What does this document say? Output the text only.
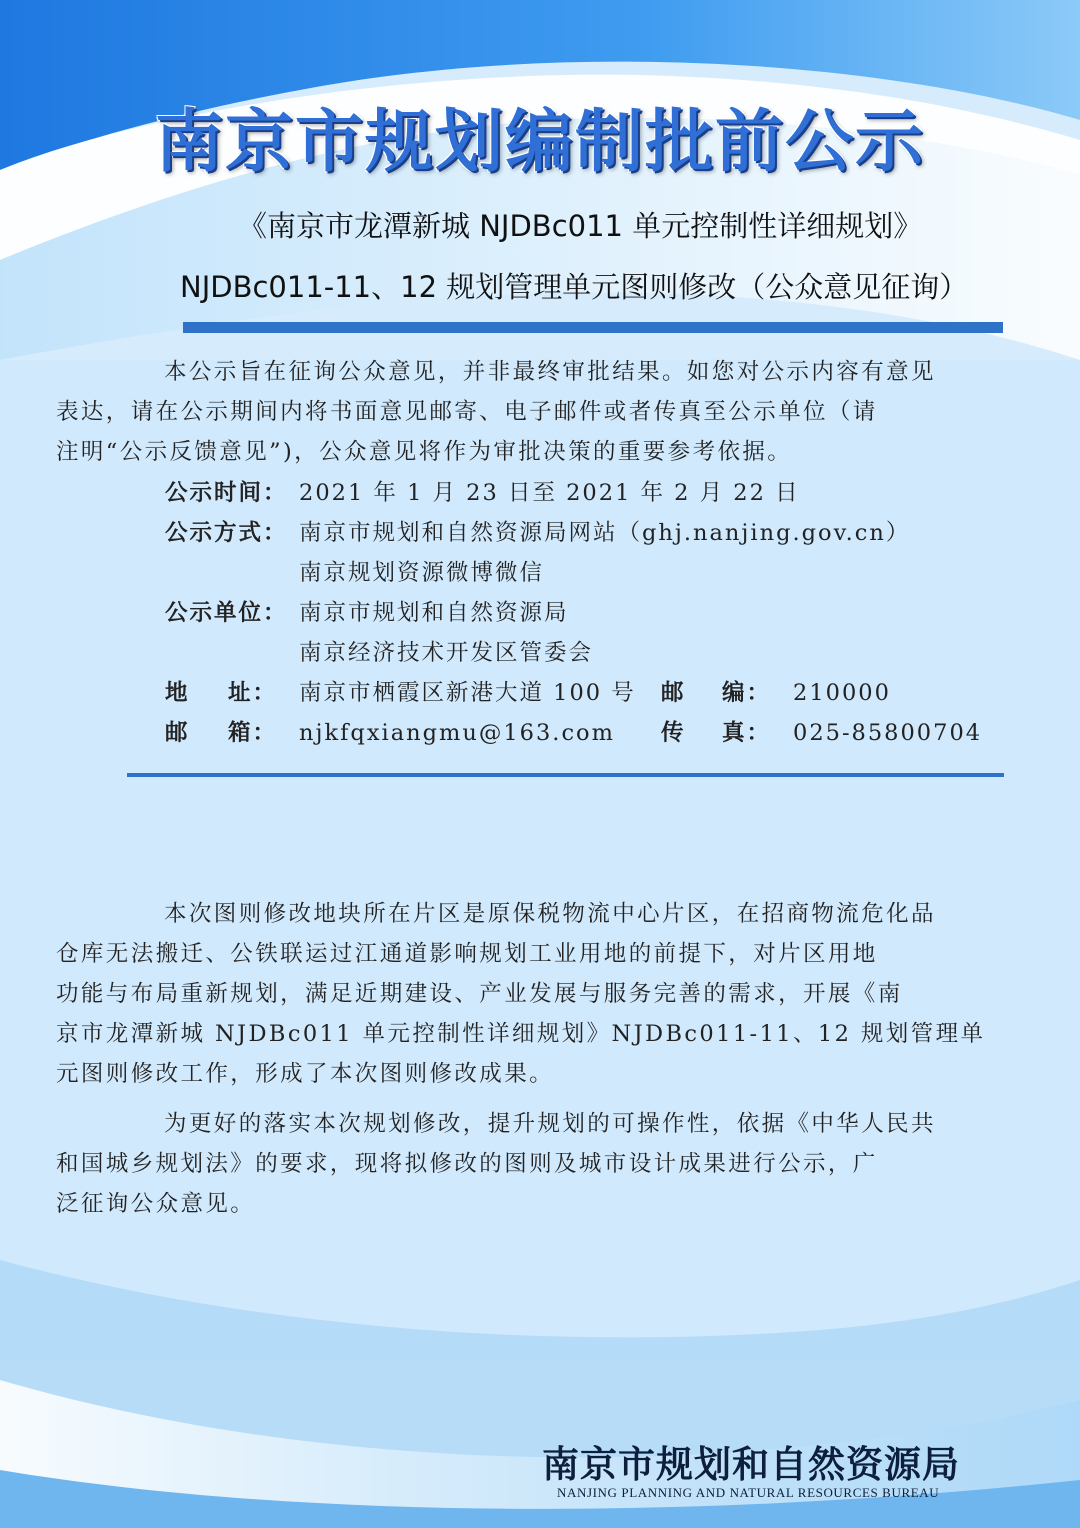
南京市规划编制批前公示
《南京市龙潭新城 NJDBc011 单元控制性详细规划》
NJDBc011-11、12 规划管理单元图则修改（公众意见征询）

本公示旨在征询公众意见，并非最终审批结果。如您对公示内容有意见
表达，请在公示期间内将书面意见邮寄、电子邮件或者传真至公示单位（请
注明“公示反馈意见”)，公众意见将作为审批决策的重要参考依据。

公示时间： 2021 年 1 月 23 日至 2021 年 2 月 22 日
公示方式： 南京市规划和自然资源局网站（ghj.nanjing.gov.cn）
南京规划资源微博微信
公示单位： 南京市规划和自然资源局
南京经济技术开发区管委会
地 址： 南京市栖霞区新港大道 100 号 邮 编： 210000
邮 箱： njkfqxiangmu@163.com 传 真： 025-85800704

本次图则修改地块所在片区是原保税物流中心片区，在招商物流危化品
仓库无法搬迁、公铁联运过江通道影响规划工业用地的前提下，对片区用地
功能与布局重新规划，满足近期建设、产业发展与服务完善的需求，开展《南
京市龙潭新城 NJDBc011 单元控制性详细规划》NJDBc011-11、12 规划管理单
元图则修改工作，形成了本次图则修改成果。

为更好的落实本次规划修改，提升规划的可操作性，依据《中华人民共
和国城乡规划法》的要求，现将拟修改的图则及城市设计成果进行公示，广
泛征询公众意见。

南京市规划和自然资源局
NANJING PLANNING AND NATURAL RESOURCES BUREAU
